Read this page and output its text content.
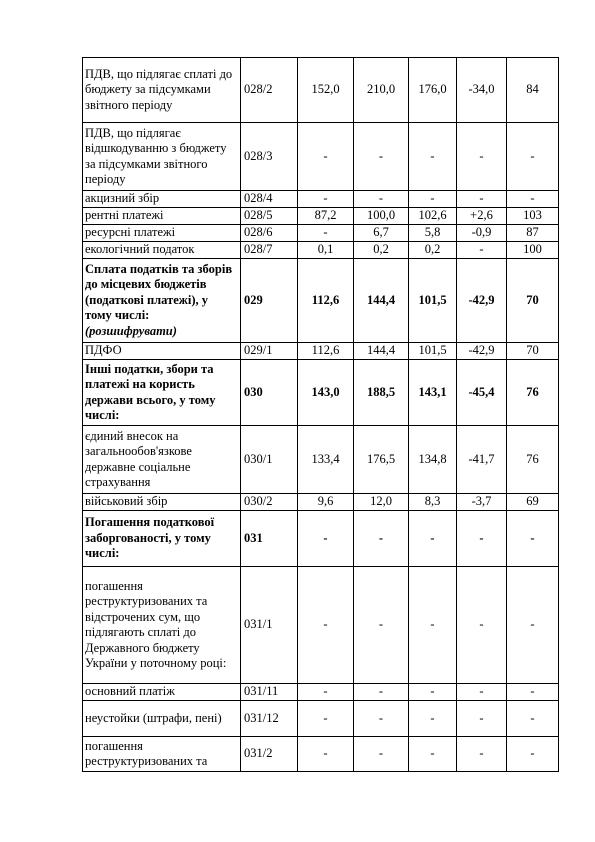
ПДВ, що підлягає сплаті до бюджету за підсумками звітного періоду	028/2	152,0	210,0	176,0	-34,0	84
ПДВ, що підлягає відшкодуванню з бюджету за підсумками звітного періоду	028/3	-	-	-	-	-
акцизний збір	028/4	-	-	-	-	-
рентні платежі	028/5	87,2	100,0	102,6	+2,6	103
ресурсні платежі	028/6	-	6,7	5,8	-0,9	87
екологічний податок	028/7	0,1	0,2	0,2	-	100
Сплата податків та зборів до місцевих бюджетів (податкові платежі), у тому числі: (розшифрувати)	029	112,6	144,4	101,5	-42,9	70
ПДФО	029/1	112,6	144,4	101,5	-42,9	70
Інші податки, збори та платежі на користь держави всього, у тому числі:	030	143,0	188,5	143,1	-45,4	76
єдиний внесок на загальнообов'язкове державне соціальне страхування	030/1	133,4	176,5	134,8	-41,7	76
військовий збір	030/2	9,6	12,0	8,3	-3,7	69
Погашення податкової заборгованості, у тому числі:	031	-	-	-	-	-
погашення реструктуризованих та відстрочених сум, що підлягають сплаті до Державного бюджету України у поточному році:	031/1	-	-	-	-	-
основний платіж	031/11	-	-	-	-	-
неустойки (штрафи, пені)	031/12	-	-	-	-	-
погашення реструктуризованих та	031/2	-	-	-	-	-
